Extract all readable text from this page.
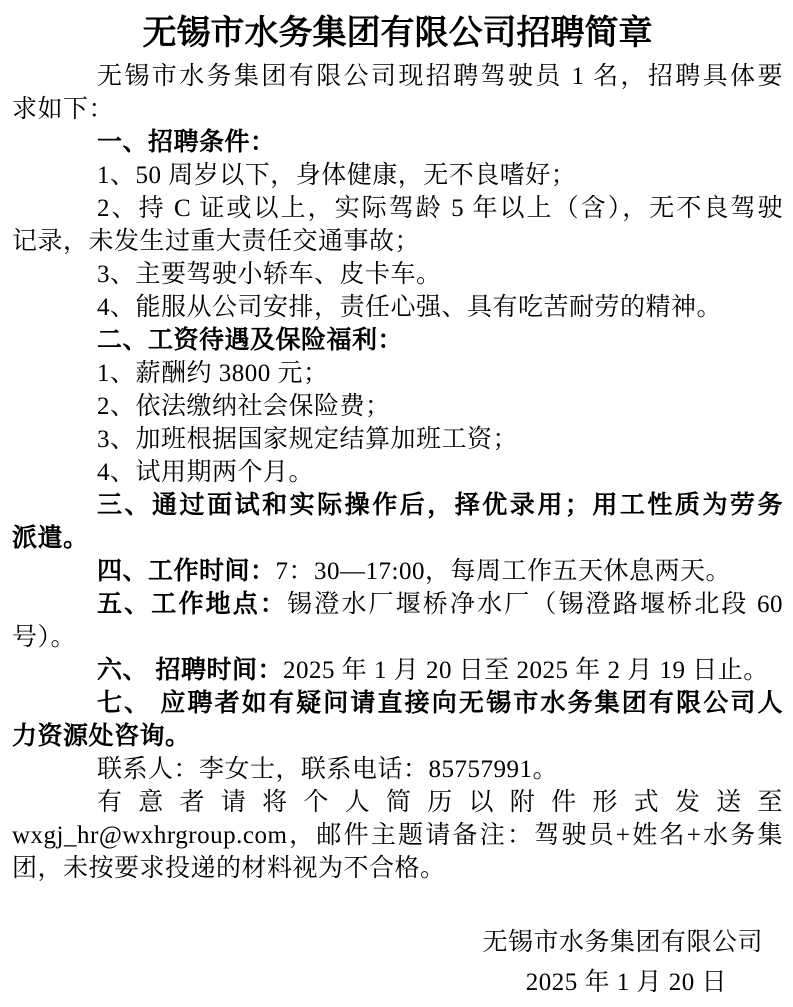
无锡市水务集团有限公司招聘简章
无锡市水务集团有限公司现招聘驾驶员 1 名，招聘具体要
求如下：
一、招聘条件：
1、50 周岁以下，身体健康，无不良嗜好；
2、持 C 证或以上，实际驾龄 5 年以上（含），无不良驾驶
记录，未发生过重大责任交通事故；
3、主要驾驶小轿车、皮卡车。
4、能服从公司安排，责任心强、具有吃苦耐劳的精神。
二、工资待遇及保险福利：
1、薪酬约 3800 元；
2、依法缴纳社会保险费；
3、加班根据国家规定结算加班工资；
4、试用期两个月。
三、通过面试和实际操作后，择优录用；用工性质为劳务
派遣。
四、工作时间：7：30—17:00，每周工作五天休息两天。
五、工作地点：锡澄水厂堰桥净水厂（锡澄路堰桥北段 60
号）。
六、 招聘时间：2025 年 1 月 20 日至 2025 年 2 月 19 日止。
七、 应聘者如有疑问请直接向无锡市水务集团有限公司人
力资源处咨询。
联系人：李女士，联系电话：85757991。
有意者请将个人简历以附件形式发送至
wxgj_hr@wxhrgroup.com，邮件主题请备注：驾驶员+姓名+水务集
团，未按要求投递的材料视为不合格。
无锡市水务集团有限公司
2025 年 1 月 20 日
